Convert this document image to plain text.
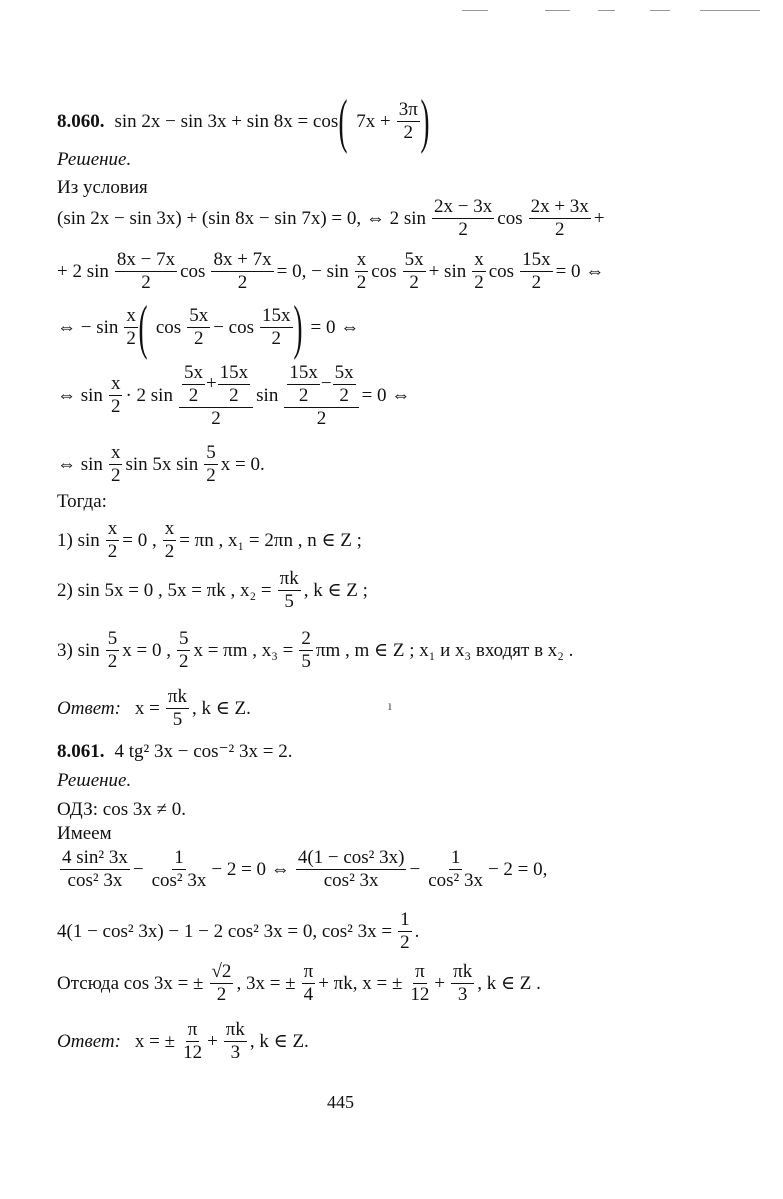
8.060. sin 2x − sin 3x + sin 8x = cos ( $7x + \frac{3\pi}{2}$ )
Решение.
Из условия
(sin 2x − sin 3x) + (sin 8x − sin 7x) = 0, ⇔ 2 $\sin \frac{2x - 3x}{2}$ $\cos \frac{2x + 3x}{2}$ +
+ 2 $\sin \frac{8x - 7x}{2}$ $\cos \frac{8x + 7x}{2} = 0$, − $\sin \frac{x}{2}$ $\cos \frac{5x}{2} + \sin \frac{x}{2}$ $\cos \frac{15x}{2} = 0$ ⇔
⇔ − $\sin \frac{x}{2}$ ( $\cos \frac{5x}{2} - \cos \frac{15x}{2}$ ) = 0 ⇔
⇔ $\sin \frac{x}{2} \cdot 2$ $\sin \frac{\frac{5x}{2} + \frac{15x}{2}}{2}$ $\sin \frac{\frac{15x}{2} - \frac{5x}{2}}{2} = 0$ ⇔
⇔ $\sin \frac{x}{2}$ sin 5x $\sin \frac{5}{2}$ x = 0.
Тогда:
1) $\sin \frac{x}{2} = 0$ , $\frac{x}{2} = \pi n$ , x₁ = 2πn , n ∈ Z ;
2) sin 5x = 0 , 5x = πk , $x_2 = \frac{\pi k}{5}$ , k ∈ Z ;
3) $\sin \frac{5}{2}$ x = 0 , $\frac{5}{2}$ x = πm , $x_3 = \frac{2}{5}$ πm , m ∈ Z ; x₁ и x₃ входят в x₂ .
Ответ: $x = \frac{\pi k}{5}$ , k ∈ Z.	ı
8.061. 4 tg² 3x − cos⁻² 3x = 2.
Решение.
ОДЗ: cos 3x ≠ 0.
Имеем
$\frac{\text{4 sin² 3x}}{\text{cos² 3x}} - \frac{1}{\text{cos² 3x}} - 2 = 0$ ⇔ $\frac{\text{4(1 − cos² 3x)}}{\text{cos² 3x}} - \frac{1}{\text{cos² 3x}} - 2 = 0$,
4(1 − cos² 3x) − 1 − 2 cos² 3x = 0, cos² $3x = \frac{1}{2}$ .
Отсюда cos 3x = ± $\frac{√2}{2}$ , 3x = ± $\frac{\pi}{4} + \pi k$, x = ± $\frac{\pi}{12} + \frac{\pi k}{3}$ , k ∈ Z .
Ответ: x = ± $\frac{\pi}{12} + \frac{\pi k}{3}$ , k ∈ Z.
445
